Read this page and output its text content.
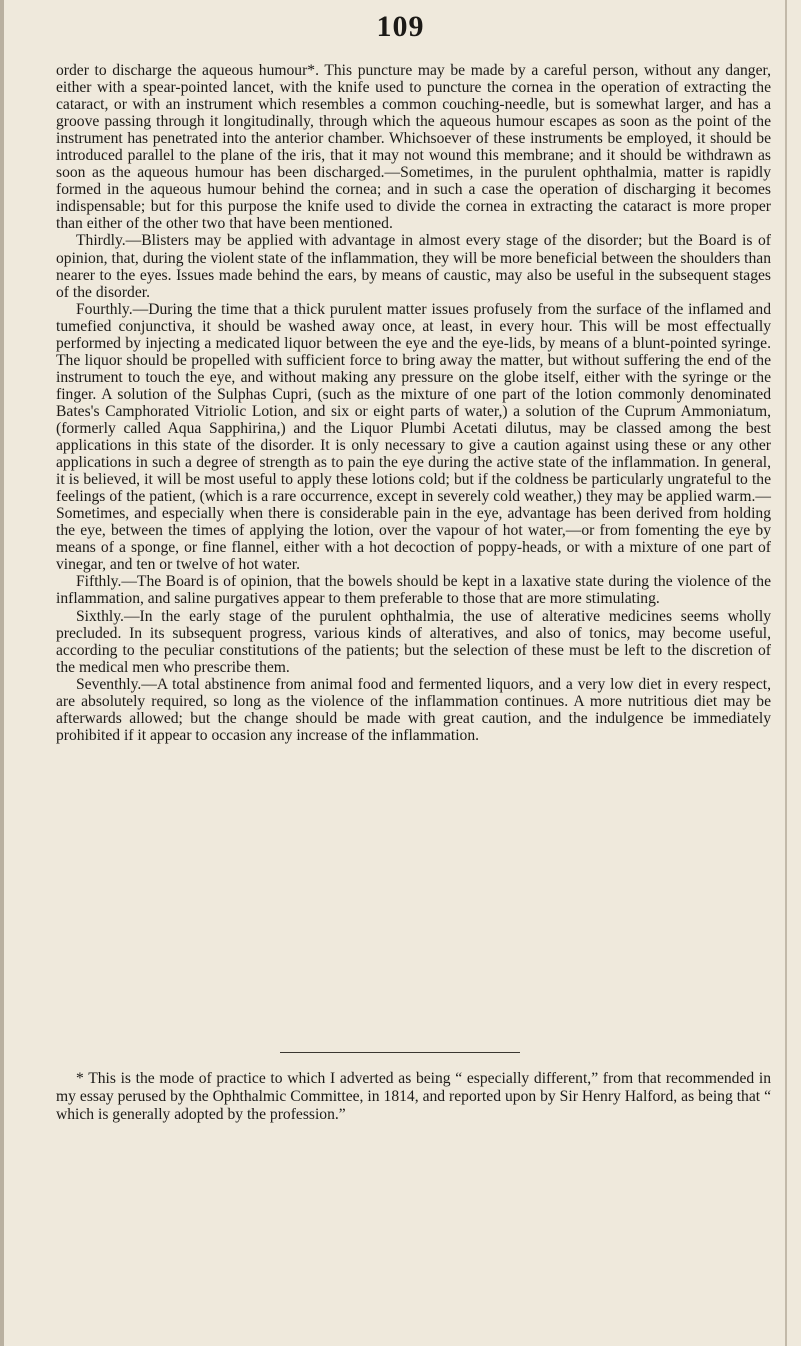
109

order to discharge the aqueous humour*. This puncture may be made by a careful person, without any danger, either with a spear-pointed lancet, with the knife used to puncture the cornea in the operation of extracting the cataract, or with an instrument which resembles a common couching-needle, but is somewhat larger, and has a groove passing through it longitudinally, through which the aqueous humour escapes as soon as the point of the instrument has penetrated into the anterior chamber. Whichsoever of these instruments be employed, it should be introduced parallel to the plane of the iris, that it may not wound this membrane; and it should be withdrawn as soon as the aqueous humour has been discharged.—Sometimes, in the purulent ophthalmia, matter is rapidly formed in the aqueous humour behind the cornea; and in such a case the operation of discharging it becomes indispensable; but for this purpose the knife used to divide the cornea in extracting the cataract is more proper than either of the other two that have been mentioned.

Thirdly.—Blisters may be applied with advantage in almost every stage of the disorder; but the Board is of opinion, that, during the violent state of the inflammation, they will be more beneficial between the shoulders than nearer to the eyes. Issues made behind the ears, by means of caustic, may also be useful in the subsequent stages of the disorder.

Fourthly.—During the time that a thick purulent matter issues profusely from the surface of the inflamed and tumefied conjunctiva, it should be washed away once, at least, in every hour. This will be most effectually performed by injecting a medicated liquor between the eye and the eye-lids, by means of a blunt-pointed syringe. The liquor should be propelled with sufficient force to bring away the matter, but without suffering the end of the instrument to touch the eye, and without making any pressure on the globe itself, either with the syringe or the finger. A solution of the Sulphas Cupri, (such as the mixture of one part of the lotion commonly denominated Bates's Camphorated Vitriolic Lotion, and six or eight parts of water,) a solution of the Cuprum Ammoniatum, (formerly called Aqua Sapphirina,) and the Liquor Plumbi Acetati dilutus, may be classed among the best applications in this state of the disorder. It is only necessary to give a caution against using these or any other applications in such a degree of strength as to pain the eye during the active state of the inflammation. In general, it is believed, it will be most useful to apply these lotions cold; but if the coldness be particularly ungrateful to the feelings of the patient, (which is a rare occurrence, except in severely cold weather,) they may be applied warm.—Sometimes, and especially when there is considerable pain in the eye, advantage has been derived from holding the eye, between the times of applying the lotion, over the vapour of hot water,—or from fomenting the eye by means of a sponge, or fine flannel, either with a hot decoction of poppy-heads, or with a mixture of one part of vinegar, and ten or twelve of hot water.

Fifthly.—The Board is of opinion, that the bowels should be kept in a laxative state during the violence of the inflammation, and saline purgatives appear to them preferable to those that are more stimulating.

Sixthly.—In the early stage of the purulent ophthalmia, the use of alterative medicines seems wholly precluded. In its subsequent progress, various kinds of alteratives, and also of tonics, may become useful, according to the peculiar constitutions of the patients; but the selection of these must be left to the discretion of the medical men who prescribe them.

Seventhly.—A total abstinence from animal food and fermented liquors, and a very low diet in every respect, are absolutely required, so long as the violence of the inflammation continues. A more nutritious diet may be afterwards allowed; but the change should be made with great caution, and the indulgence be immediately prohibited if it appear to occasion any increase of the inflammation.

* This is the mode of practice to which I adverted as being “ especially different,” from that recommended in my essay perused by the Ophthalmic Committee, in 1814, and reported upon by Sir Henry Halford, as being that “ which is generally adopted by the profession.”
